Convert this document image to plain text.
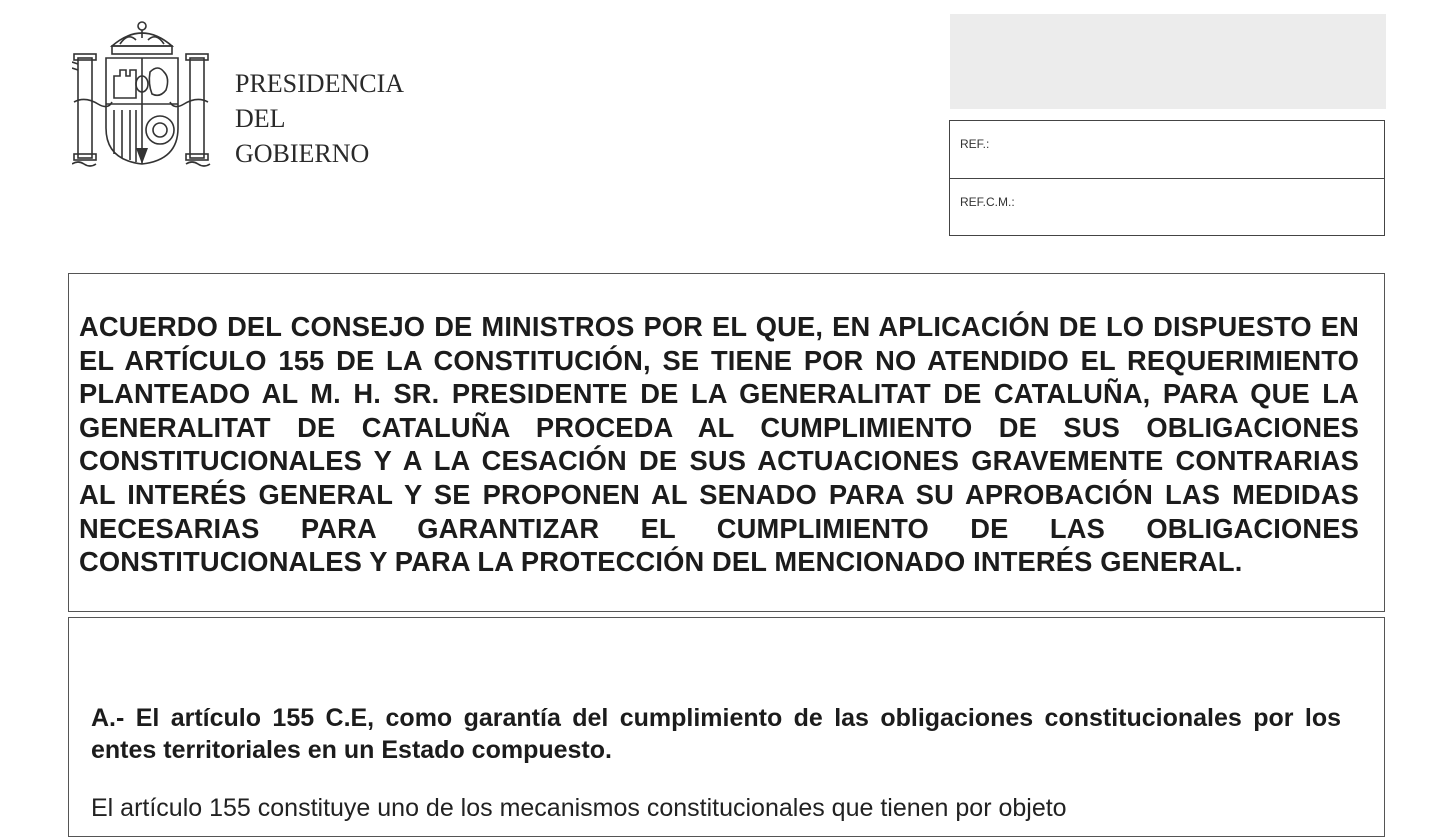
PRESIDENCIA
DEL
GOBIERNO	REF.:
REF.C.M.:
ACUERDO DEL CONSEJO DE MINISTROS POR EL QUE, EN APLICACIÓN DE LO DISPUESTO EN EL ARTÍCULO 155 DE LA CONSTITUCIÓN, SE TIENE POR NO ATENDIDO EL REQUERIMIENTO PLANTEADO AL M. H. SR. PRESIDENTE DE LA GENERALITAT DE CATALUÑA, PARA QUE LA GENERALITAT DE CATALUÑA PROCEDA AL CUMPLIMIENTO DE SUS OBLIGACIONES CONSTITUCIONALES Y A LA CESACIÓN DE SUS ACTUACIONES GRAVEMENTE CONTRARIAS AL INTERÉS GENERAL Y SE PROPONEN AL SENADO PARA SU APROBACIÓN LAS MEDIDAS NECESARIAS PARA GARANTIZAR EL CUMPLIMIENTO DE LAS OBLIGACIONES CONSTITUCIONALES Y PARA LA PROTECCIÓN DEL MENCIONADO INTERÉS GENERAL.
A.- El artículo 155 C.E, como garantía del cumplimiento de las obligaciones constitucionales por los entes territoriales en un Estado compuesto.
El artículo 155 constituye uno de los mecanismos constitucionales que tienen por objeto
